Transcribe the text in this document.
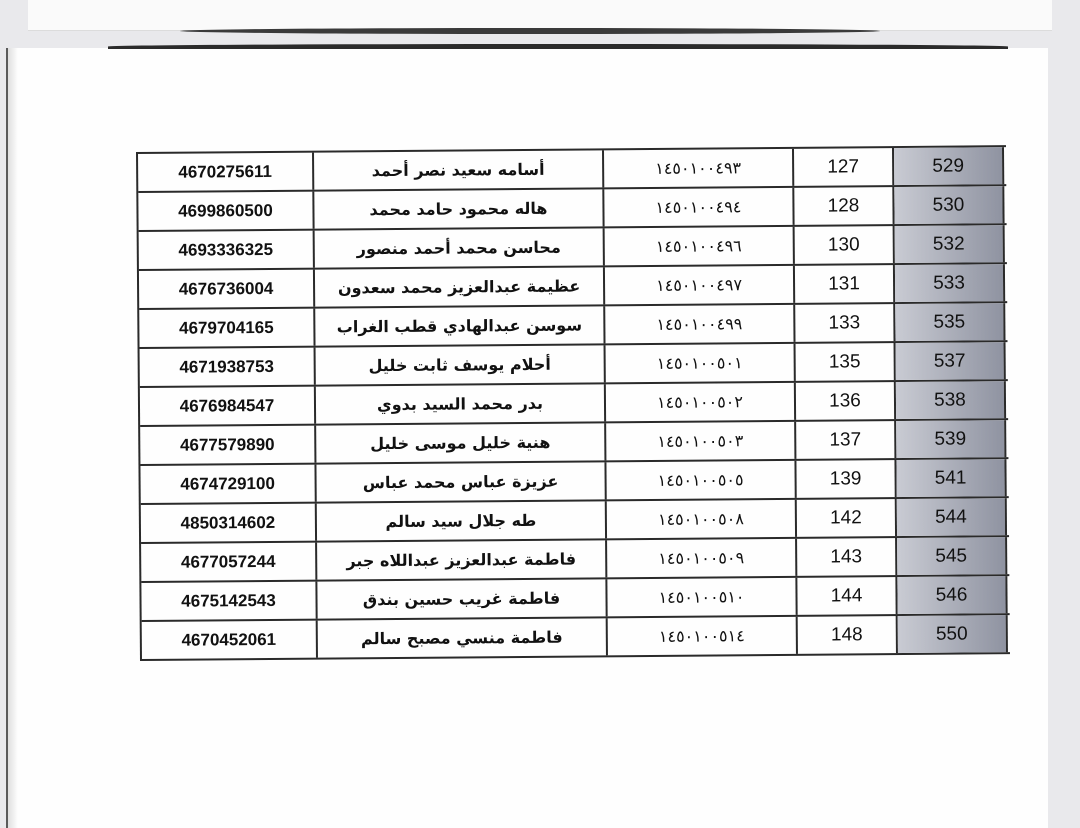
4670275611	أسامه سعيد نصر أحمد	١٤٥٠١٠٠٤٩٣	127	529
4699860500	هاله محمود حامد محمد	١٤٥٠١٠٠٤٩٤	128	530
4693336325	محاسن محمد أحمد منصور	١٤٥٠١٠٠٤٩٦	130	532
4676736004	عظيمة عبدالعزيز محمد سعدون	١٤٥٠١٠٠٤٩٧	131	533
4679704165	سوسن عبدالهادي قطب الغراب	١٤٥٠١٠٠٤٩٩	133	535
4671938753	أحلام يوسف ثابت خليل	١٤٥٠١٠٠٥٠١	135	537
4676984547	بدر محمد السيد بدوي	١٤٥٠١٠٠٥٠٢	136	538
4677579890	هنية خليل موسى خليل	١٤٥٠١٠٠٥٠٣	137	539
4674729100	عزيزة عباس محمد عباس	١٤٥٠١٠٠٥٠٥	139	541
4850314602	طه جلال سيد سالم	١٤٥٠١٠٠٥٠٨	142	544
4677057244	فاطمة عبدالعزيز عبداللاه جبر	١٤٥٠١٠٠٥٠٩	143	545
4675142543	فاطمة غريب حسين بندق	١٤٥٠١٠٠٥١٠	144	546
4670452061	فاطمة منسي مصبح سالم	١٤٥٠١٠٠٥١٤	148	550
